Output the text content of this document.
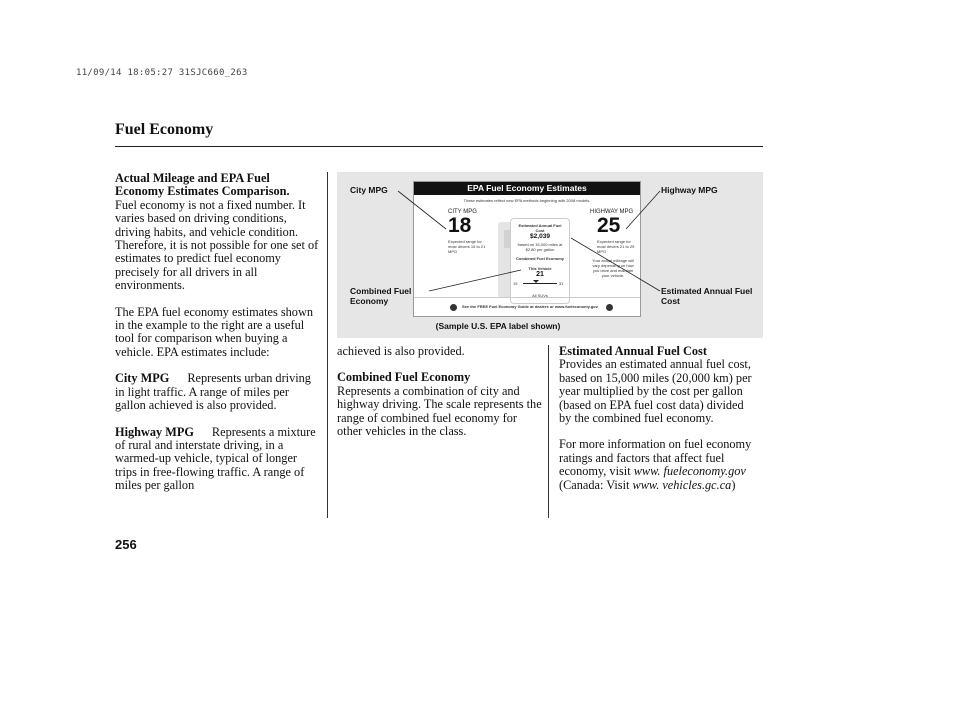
11/09/14 18:05:27 31SJC660_263
Fuel Economy

Actual Mileage and EPA Fuel Economy Estimates Comparison.

Fuel economy is not a fixed number. It varies based on driving conditions, driving habits, and vehicle condition. Therefore, it is not possible for one set of estimates to predict fuel economy precisely for all drivers in all environments.

The EPA fuel economy estimates shown in the example to the right are a useful tool for comparison when buying a vehicle. EPA estimates include:

City MPG Represents urban driving in light traffic. A range of miles per gallon achieved is also provided.

Highway MPG Represents a mixture of rural and interstate driving, in a warmed-up vehicle, typical of longer trips in free-flowing traffic. A range of miles per gallon

achieved is also provided.

Combined Fuel Economy
Represents a combination of city and highway driving. The scale represents the range of combined fuel economy for other vehicles in the class.

Estimated Annual Fuel Cost
Provides an estimated annual fuel cost, based on 15,000 miles (20,000 km) per year multiplied by the cost per gallon (based on EPA fuel cost data) divided by the combined fuel economy.

For more information on fuel economy ratings and factors that affect fuel economy, visit www. fueleconomy.gov (Canada: Visit www. vehicles.gc.ca)

City MPG	Highway MPG
Combined Fuel Economy
Estimated Annual Fuel Cost
EPA Fuel Economy Estimates
These estimates reflect new EPA methods beginning with 2008 models.
CITY MPG
18
Expected range for most drivers 15 to 21 MPG
HIGHWAY MPG
25
Expected range for most drivers 21 to 29 MPG
Estimated Annual Fuel Cost
$2,039
based on 15,000 miles at $2.80 per gallon
Combined Fuel Economy
This Vehicle
21
15	31
All SUVs
Your actual mileage will vary depending on how you drive and maintain your vehicle.
See the FREE Fuel Economy Guide at dealers or www.fueleconomy.gov
(Sample U.S. EPA label shown)
256
